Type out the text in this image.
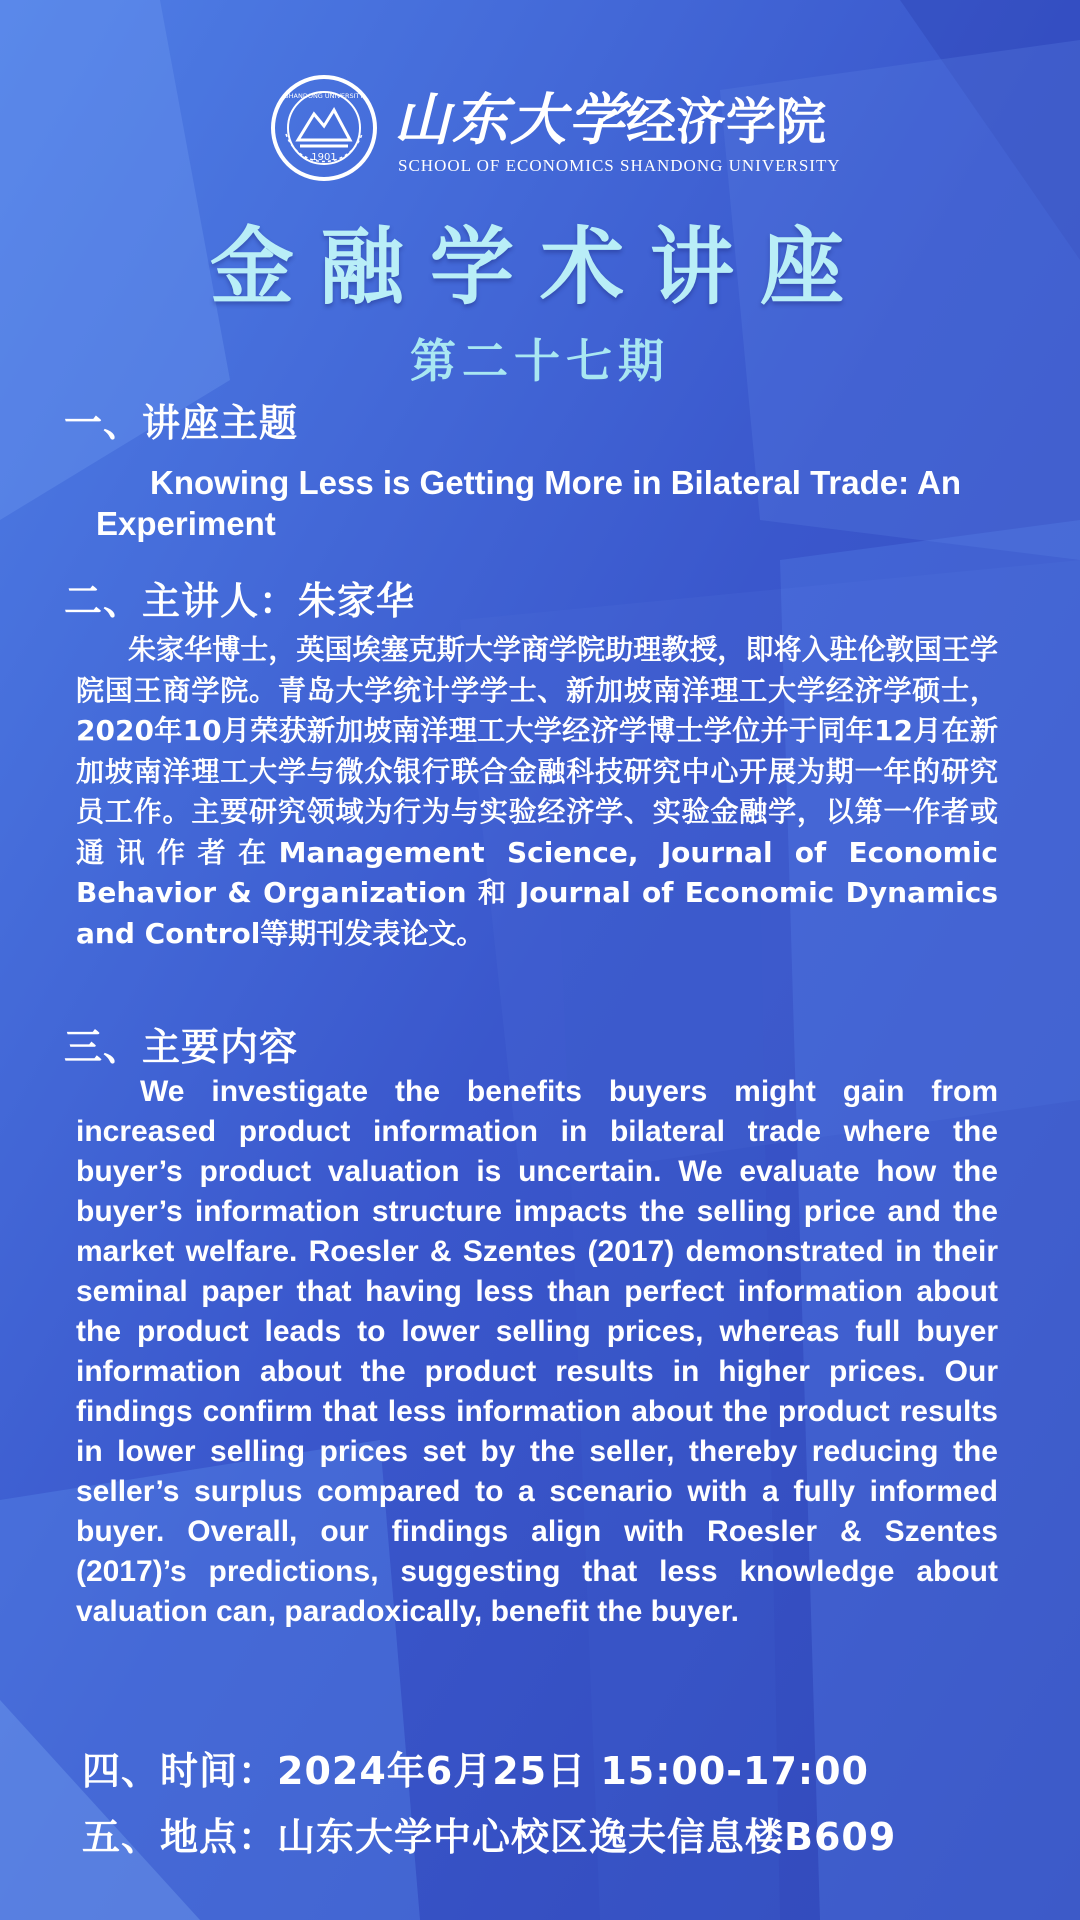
1901
SHANDONG UNIVERSITY 山东大学经济学院
SCHOOL OF ECONOMICS SHANDONG UNIVERSITY
金融学术讲座
第二十七期
一、讲座主题
Knowing Less is Getting More in Bilateral Trade: An Experiment
二、主讲人：朱家华
朱家华博士，英国埃塞克斯大学商学院助理教授，即将入驻伦敦国王学院国王商学院。青岛大学统计学学士、新加坡南洋理工大学经济学硕士，2020年10月荣获新加坡南洋理工大学经济学博士学位并于同年12月在新加坡南洋理工大学与微众银行联合金融科技研究中心开展为期一年的研究员工作。主要研究领域为行为与实验经济学、实验金融学，以第一作者或通讯作者在Management Science, Journal of Economic Behavior & Organization 和 Journal of Economic Dynamics and Control等期刊发表论文。
三、主要内容
We investigate the benefits buyers might gain from increased product information in bilateral trade where the buyer’s product valuation is uncertain. We evaluate how the buyer’s information structure impacts the selling price and the market welfare. Roesler & Szentes (2017) demonstrated in their seminal paper that having less than perfect information about the product leads to lower selling prices, whereas full buyer information about the product results in higher prices. Our findings confirm that less information about the product results in lower selling prices set by the seller, thereby reducing the seller’s surplus compared to a scenario with a fully informed buyer. Overall, our findings align with Roesler & Szentes (2017)’s predictions, suggesting that less knowledge about valuation can, paradoxically, benefit the buyer.
四、时间：2024年6月25日 15:00-17:00
五、地点：山东大学中心校区逸夫信息楼B609
